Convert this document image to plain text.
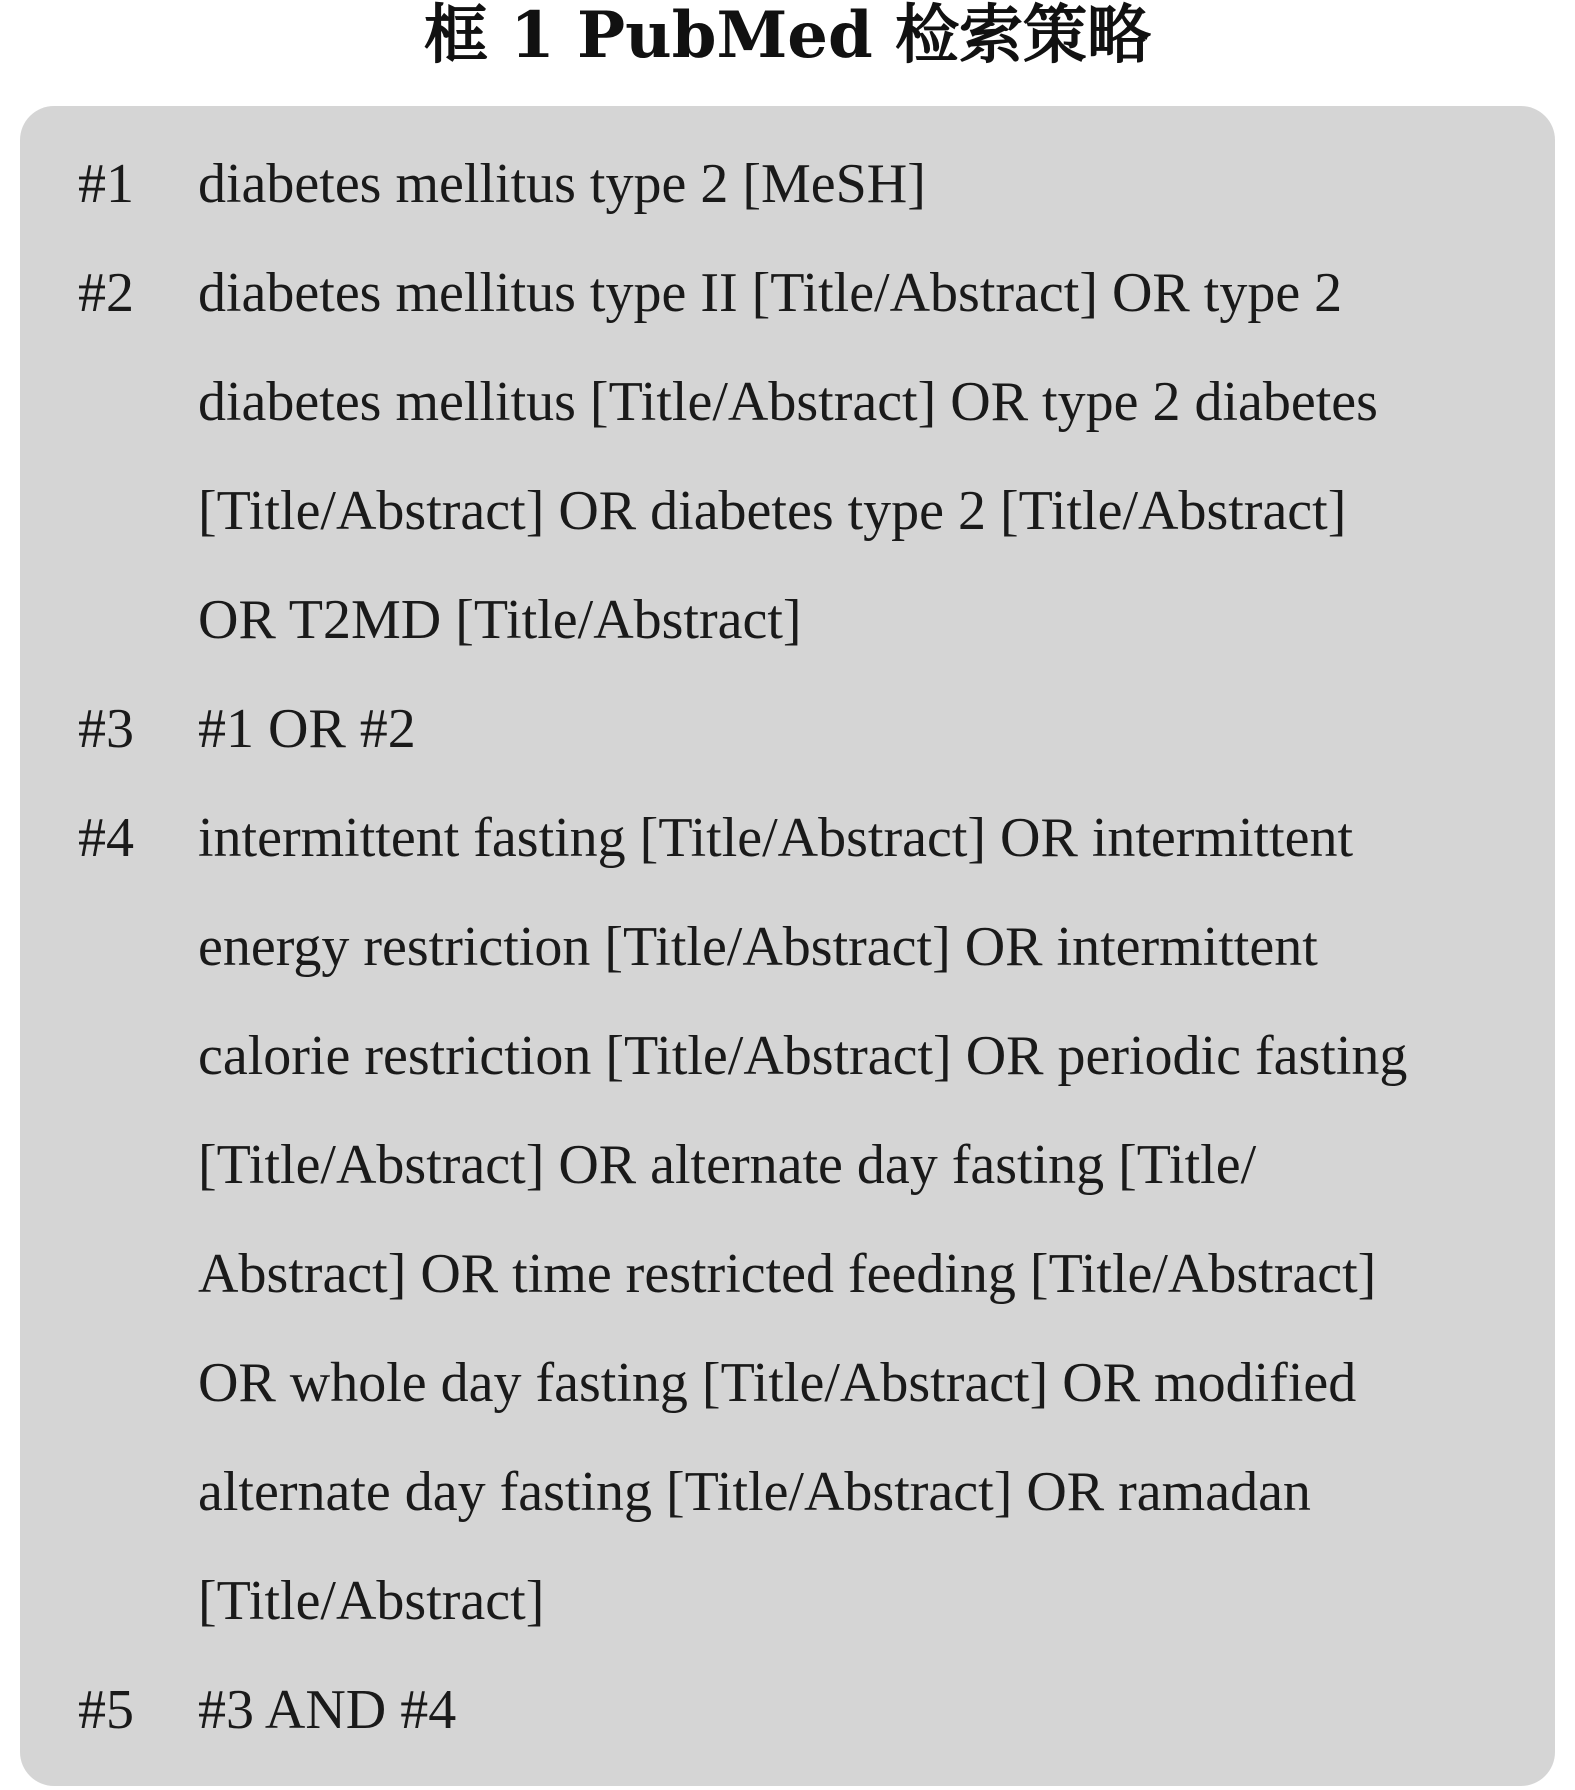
框 1 PubMed 检索策略
#1	diabetes mellitus type 2 [MeSH]
#2	diabetes mellitus type II [Title/Abstract] OR type 2
diabetes mellitus [Title/Abstract] OR type 2 diabetes
[Title/Abstract] OR diabetes type 2 [Title/Abstract]
OR T2MD [Title/Abstract]
#3	#1 OR #2
#4	intermittent fasting [Title/Abstract] OR intermittent
energy restriction [Title/Abstract] OR intermittent
calorie restriction [Title/Abstract] OR periodic fasting
[Title/Abstract] OR alternate day fasting [Title/
Abstract] OR time restricted feeding [Title/Abstract]
OR whole day fasting [Title/Abstract] OR modified
alternate day fasting [Title/Abstract] OR ramadan
[Title/Abstract]
#5	#3 AND #4
